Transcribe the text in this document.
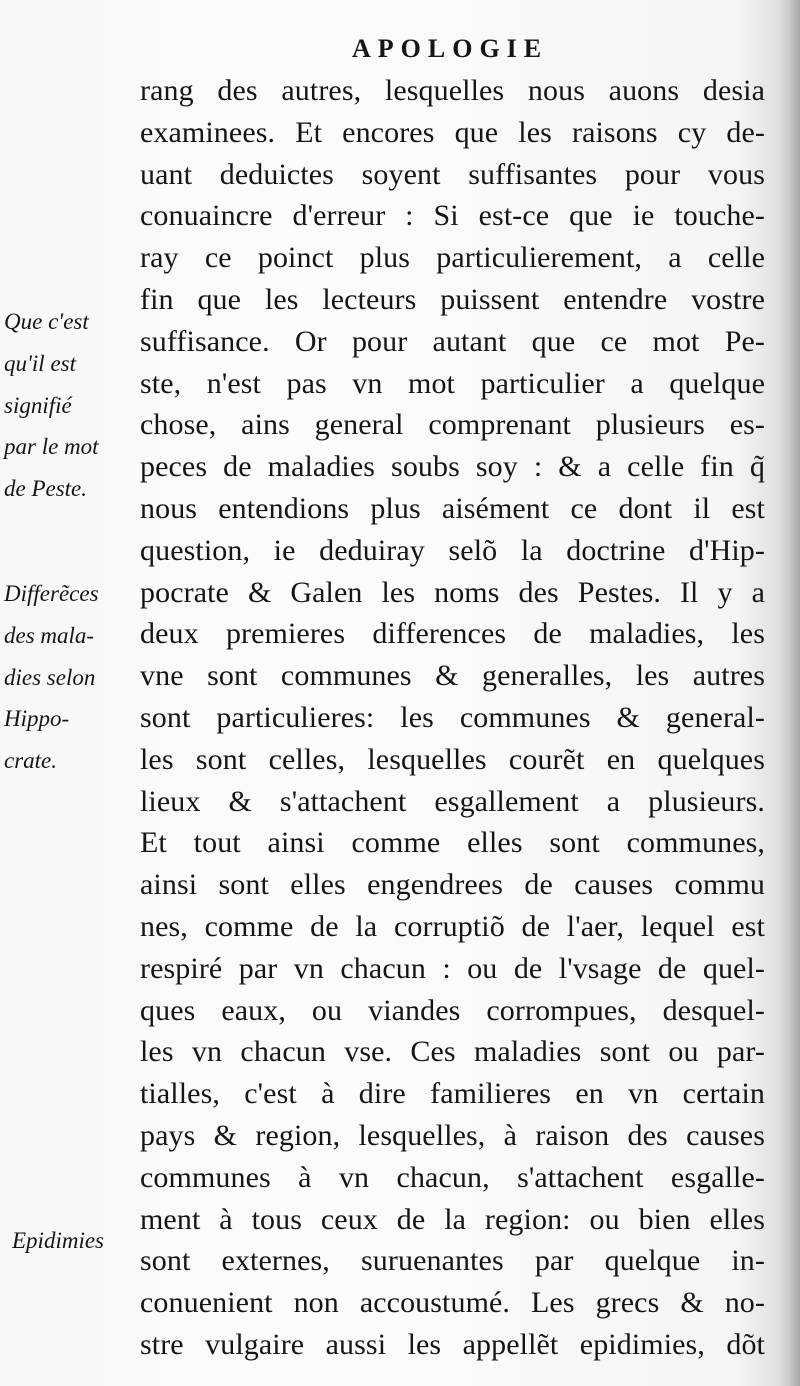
APOLOGIE
rang des autres, lesquelles nous auons desia
examinees. Et encores que les raisons cy de-
uant deduictes soyent suffisantes pour vous
conuaincre d'erreur : Si est-ce que ie touche-
ray ce poinct plus particulierement, a celle
fin que les lecteurs puissent entendre vostre
suffisance. Or pour autant que ce mot Pe-
ste, n'est pas vn mot particulier a quelque
chose, ains general comprenant plusieurs es-
peces de maladies soubs soy : & a celle fin q̃
nous entendions plus aisément ce dont il est
question, ie deduiray selõ la doctrine d'Hip-
pocrate & Galen les noms des Pestes. Il y a
deux premieres differences de maladies, les
vne sont communes & generalles, les autres
sont particulieres: les communes & general-
les sont celles, lesquelles courẽt en quelques
lieux & s'attachent esgallement a plusieurs.
Et tout ainsi comme elles sont communes,
ainsi sont elles engendrees de causes commu
nes, comme de la corruptiõ de l'aer, lequel est
respiré par vn chacun : ou de l'vsage de quel-
ques eaux, ou viandes corrompues, desquel-
les vn chacun vse. Ces maladies sont ou par-
tialles, c'est à dire familieres en vn certain
pays & region, lesquelles, à raison des causes
communes à vn chacun, s'attachent esgalle-
ment à tous ceux de la region: ou bien elles
sont externes, suruenantes par quelque in-
conuenient non accoustumé. Les grecs & no-
stre vulgaire aussi les appellẽt epidimies, dõt
Que c'est
qu'il est
signifié
par le mot
de Peste.
Differẽces
des mala-
dies selon
Hippo-
crate.
Epidimies
